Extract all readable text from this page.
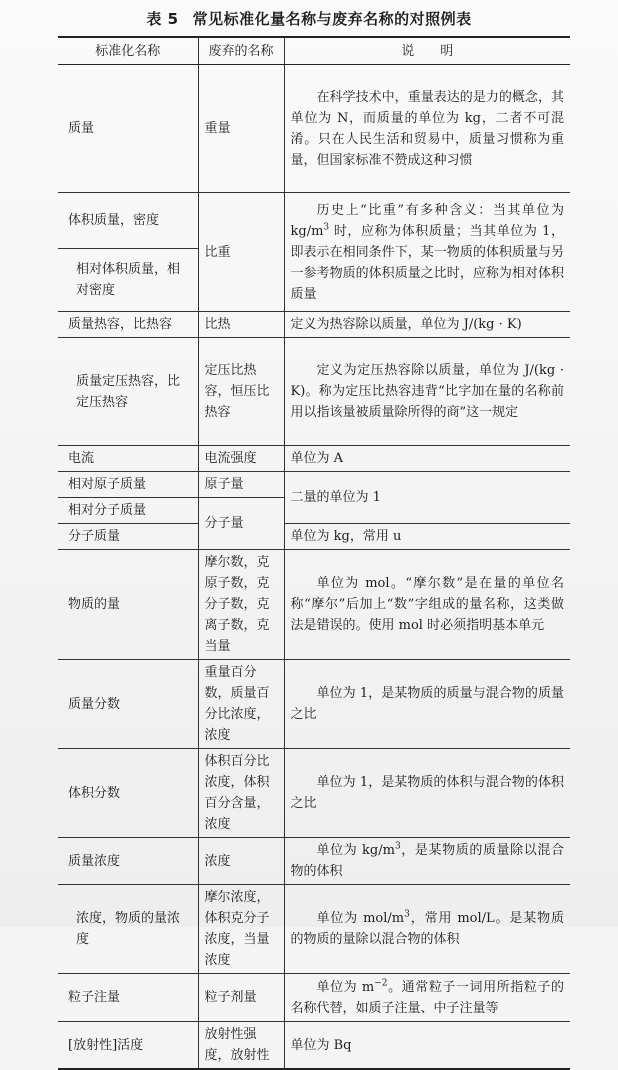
表 5 常见标准化量名称与废弃名称的对照例表
标准化名称	废弃的名称	说明
质量	重量	在科学技术中，重量表达的是力的概念，其单位为 N，而质量的单位为 kg，二者不可混淆。只在人民生活和贸易中，质量习惯称为重量，但国家标准不赞成这种习惯
体积质量，密度	比重	历史上“比重”有多种含义：当其单位为 $kg/m^3$ 时，应称为体积质量；当其单位为 1，即表示在相同条件下，某一物质的体积质量与另一参考物质的体积质量之比时，应称为相对体积质量
相对体积质量，相对密度		
质量热容，比热容	比热	定义为热容除以质量，单位为 J/(kg · K)
质量定压热容，比定压热容	定压比热容，恒压比热容	定义为定压热容除以质量，单位为 J/(kg · K)。称为定压比热容违背“比字加在量的名称前用以指该量被质量除所得的商”这一规定
电流	电流强度	单位为 A
相对原子质量	原子量	二量的单位为 1
相对分子质量	分子量	
分子质量		单位为 kg，常用 u
物质的量	摩尔数，克原子数，克分子数，克离子数，克当量	单位为 mol。“摩尔数”是在量的单位名称“摩尔”后加上“数”字组成的量名称，这类做法是错误的。使用 mol 时必须指明基本单元
质量分数	重量百分数，质量百分比浓度，浓度	单位为 1，是某物质的质量与混合物的质量之比
体积分数	体积百分比浓度，体积百分含量，浓度	单位为 1，是某物质的体积与混合物的体积之比
质量浓度	浓度	单位为 $kg/m^3$，是某物质的质量除以混合物的体积
浓度，物质的量浓度	摩尔浓度，体积克分子浓度，当量浓度	单位为 mol/$m^3$，常用 mol/L。是某物质的物质的量除以混合物的体积
粒子注量	粒子剂量	单位为 $m^{-2}$。通常粒子一词用所指粒子的名称代替，如质子注量、中子注量等
[放射性]活度	放射性强度，放射性	单位为 Bq
